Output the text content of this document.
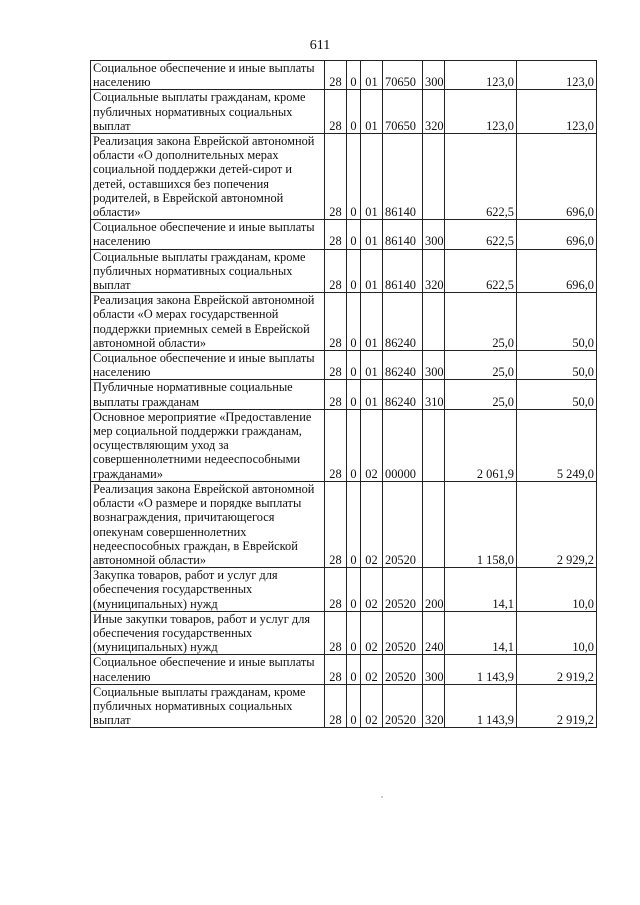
611
Социальное обеспечение и иные выплаты населению	28	0	01	70650	300	123,0	123,0
Социальные выплаты гражданам, кроме публичных нормативных социальных выплат	28	0	01	70650	320	123,0	123,0
Реализация закона Еврейской автономной области «О дополнительных мерах социальной поддержки детей-сирот и детей, оставшихся без попечения родителей, в Еврейской автономной области»	28	0	01	86140		622,5	696,0
Социальное обеспечение и иные выплаты населению	28	0	01	86140	300	622,5	696,0
Социальные выплаты гражданам, кроме публичных нормативных социальных выплат	28	0	01	86140	320	622,5	696,0
Реализация закона Еврейской автономной области «О мерах государственной поддержки приемных семей в Еврейской автономной области»	28	0	01	86240		25,0	50,0
Социальное обеспечение и иные выплаты населению	28	0	01	86240	300	25,0	50,0
Публичные нормативные социальные выплаты гражданам	28	0	01	86240	310	25,0	50,0
Основное мероприятие «Предоставление мер социальной поддержки гражданам, осуществляющим уход за совершеннолетними недееспособными гражданами»	28	0	02	00000		2 061,9	5 249,0
Реализация закона Еврейской автономной области «О размере и порядке выплаты вознаграждения, причитающегося опекунам совершеннолетних недееспособных граждан, в Еврейской автономной области»	28	0	02	20520		1 158,0	2 929,2
Закупка товаров, работ и услуг для обеспечения государственных (муниципальных) нужд	28	0	02	20520	200	14,1	10,0
Иные закупки товаров, работ и услуг для обеспечения государственных (муниципальных) нужд	28	0	02	20520	240	14,1	10,0
Социальное обеспечение и иные выплаты населению	28	0	02	20520	300	1 143,9	2 919,2
Социальные выплаты гражданам, кроме публичных нормативных социальных выплат	28	0	02	20520	320	1 143,9	2 919,2
